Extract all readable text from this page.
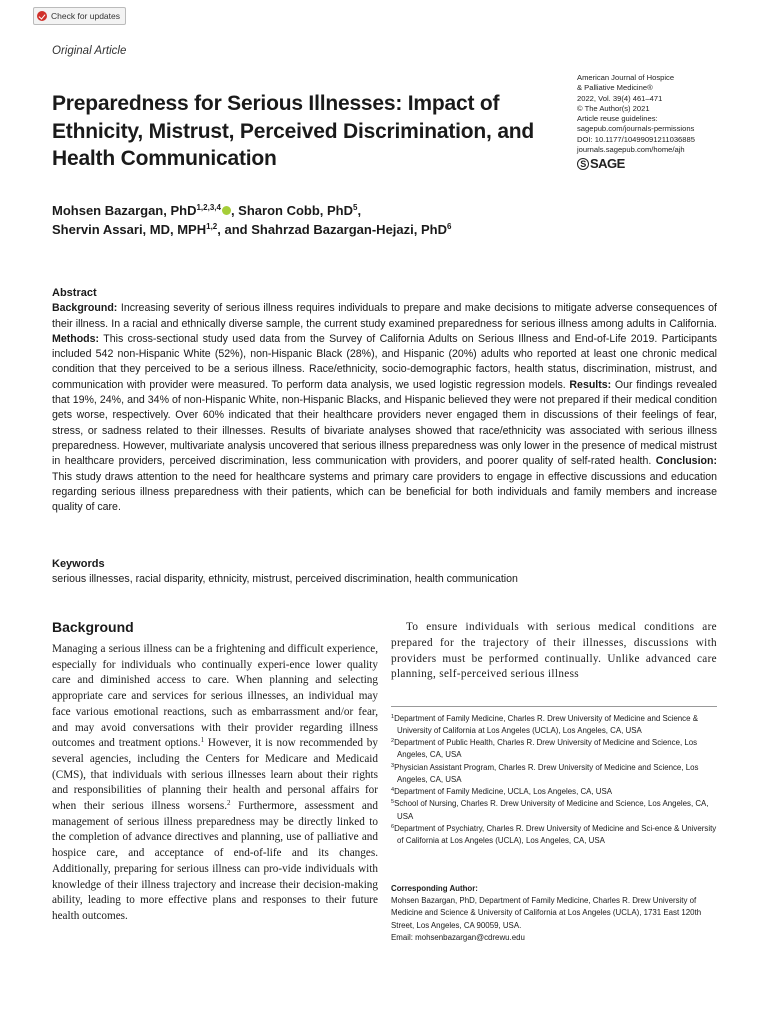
Check for updates
Original Article
American Journal of Hospice
& Palliative Medicine®
2022, Vol. 39(4) 461–471
© The Author(s) 2021
Article reuse guidelines:
sagepub.com/journals-permissions
DOI: 10.1177/10499091211036885
journals.sagepub.com/home/ajh
S SAGE
Preparedness for Serious Illnesses: Impact of Ethnicity, Mistrust, Perceived Discrimination, and Health Communication
Mohsen Bazargan, PhD$^{1,2,3,4}$ , Sharon Cobb, PhD$^5$,
Shervin Assari, MD, MPH$^{1,2}$, and Shahrzad Bazargan-Hejazi, PhD$^6$
Abstract
Background: Increasing severity of serious illness requires individuals to prepare and make decisions to mitigate adverse consequences of their illness. In a racial and ethnically diverse sample, the current study examined preparedness for serious illness among adults in California. Methods: This cross-sectional study used data from the Survey of California Adults on Serious Illness and End-of-Life 2019. Participants included 542 non-Hispanic White (52%), non-Hispanic Black (28%), and Hispanic (20%) adults who reported at least one chronic medical condition that they perceived to be a serious illness. Race/ethnicity, socio-demographic factors, health status, discrimination, mistrust, and communication with provider were measured. To perform data analysis, we used logistic regression models. Results: Our findings revealed that 19%, 24%, and 34% of non-Hispanic White, non-Hispanic Blacks, and Hispanic believed they were not prepared if their medical condition gets worse, respectively. Over 60% indicated that their healthcare providers never engaged them in discussions of their feelings of fear, stress, or sadness related to their illnesses. Results of bivariate analyses showed that race/ethnicity was associated with serious illness preparedness. However, multivariate analysis uncovered that serious illness preparedness was only lower in the presence of medical mistrust in healthcare providers, perceived discrimination, less communication with providers, and poorer quality of self-rated health. Conclusion: This study draws attention to the need for healthcare systems and primary care providers to engage in effective discussions and education regarding serious illness preparedness with their patients, which can be beneficial for both individuals and family members and increase quality of care.
Keywords
serious illnesses, racial disparity, ethnicity, mistrust, perceived discrimination, health communication
Background
Managing a serious illness can be a frightening and difficult experience, especially for individuals who continually experi-ence lower quality care and diminished access to care. When planning and selecting appropriate care and services for serious illnesses, an individual may face various emotional reactions, such as embarrassment and/or fear, and may avoid conversations with their provider regarding illness outcomes and treatment options.$^1$ However, it is now recommended by several agencies, including the Centers for Medicare and Medicaid (CMS), that individuals with serious illnesses learn about their rights and responsibilities of planning their health and personal affairs for when their serious illness worsens.$^2$ Furthermore, assessment and management of serious illness preparedness may be directly linked to the completion of advance directives and planning, use of palliative and hospice care, and acceptance of end-of-life and its changes. Additionally, preparing for serious illness can pro-vide individuals with knowledge of their illness trajectory and increase their decision-making ability, leading to more effective plans and responses to their future health outcomes.
To ensure individuals with serious medical conditions are prepared for the trajectory of their illnesses, discussions with providers must be performed continually. Unlike advanced care planning, self-perceived serious illness
$^1$Department of Family Medicine, Charles R. Drew University of Medicine and Science & University of California at Los Angeles (UCLA), Los Angeles, CA, USA
$^2$Department of Public Health, Charles R. Drew University of Medicine and Science, Los Angeles, CA, USA
$^3$Physician Assistant Program, Charles R. Drew University of Medicine and Science, Los Angeles, CA, USA
$^4$Department of Family Medicine, UCLA, Los Angeles, CA, USA
$^5$School of Nursing, Charles R. Drew University of Medicine and Science, Los Angeles, CA, USA
$^6$Department of Psychiatry, Charles R. Drew University of Medicine and Sci-ence & University of California at Los Angeles (UCLA), Los Angeles, CA, USA
Corresponding Author:
Mohsen Bazargan, PhD, Department of Family Medicine, Charles R. Drew University of Medicine and Science & University of California at Los Angeles (UCLA), 1731 East 120th Street, Los Angeles, CA 90059, USA.
Email: mohsenbazargan@cdrewu.edu
